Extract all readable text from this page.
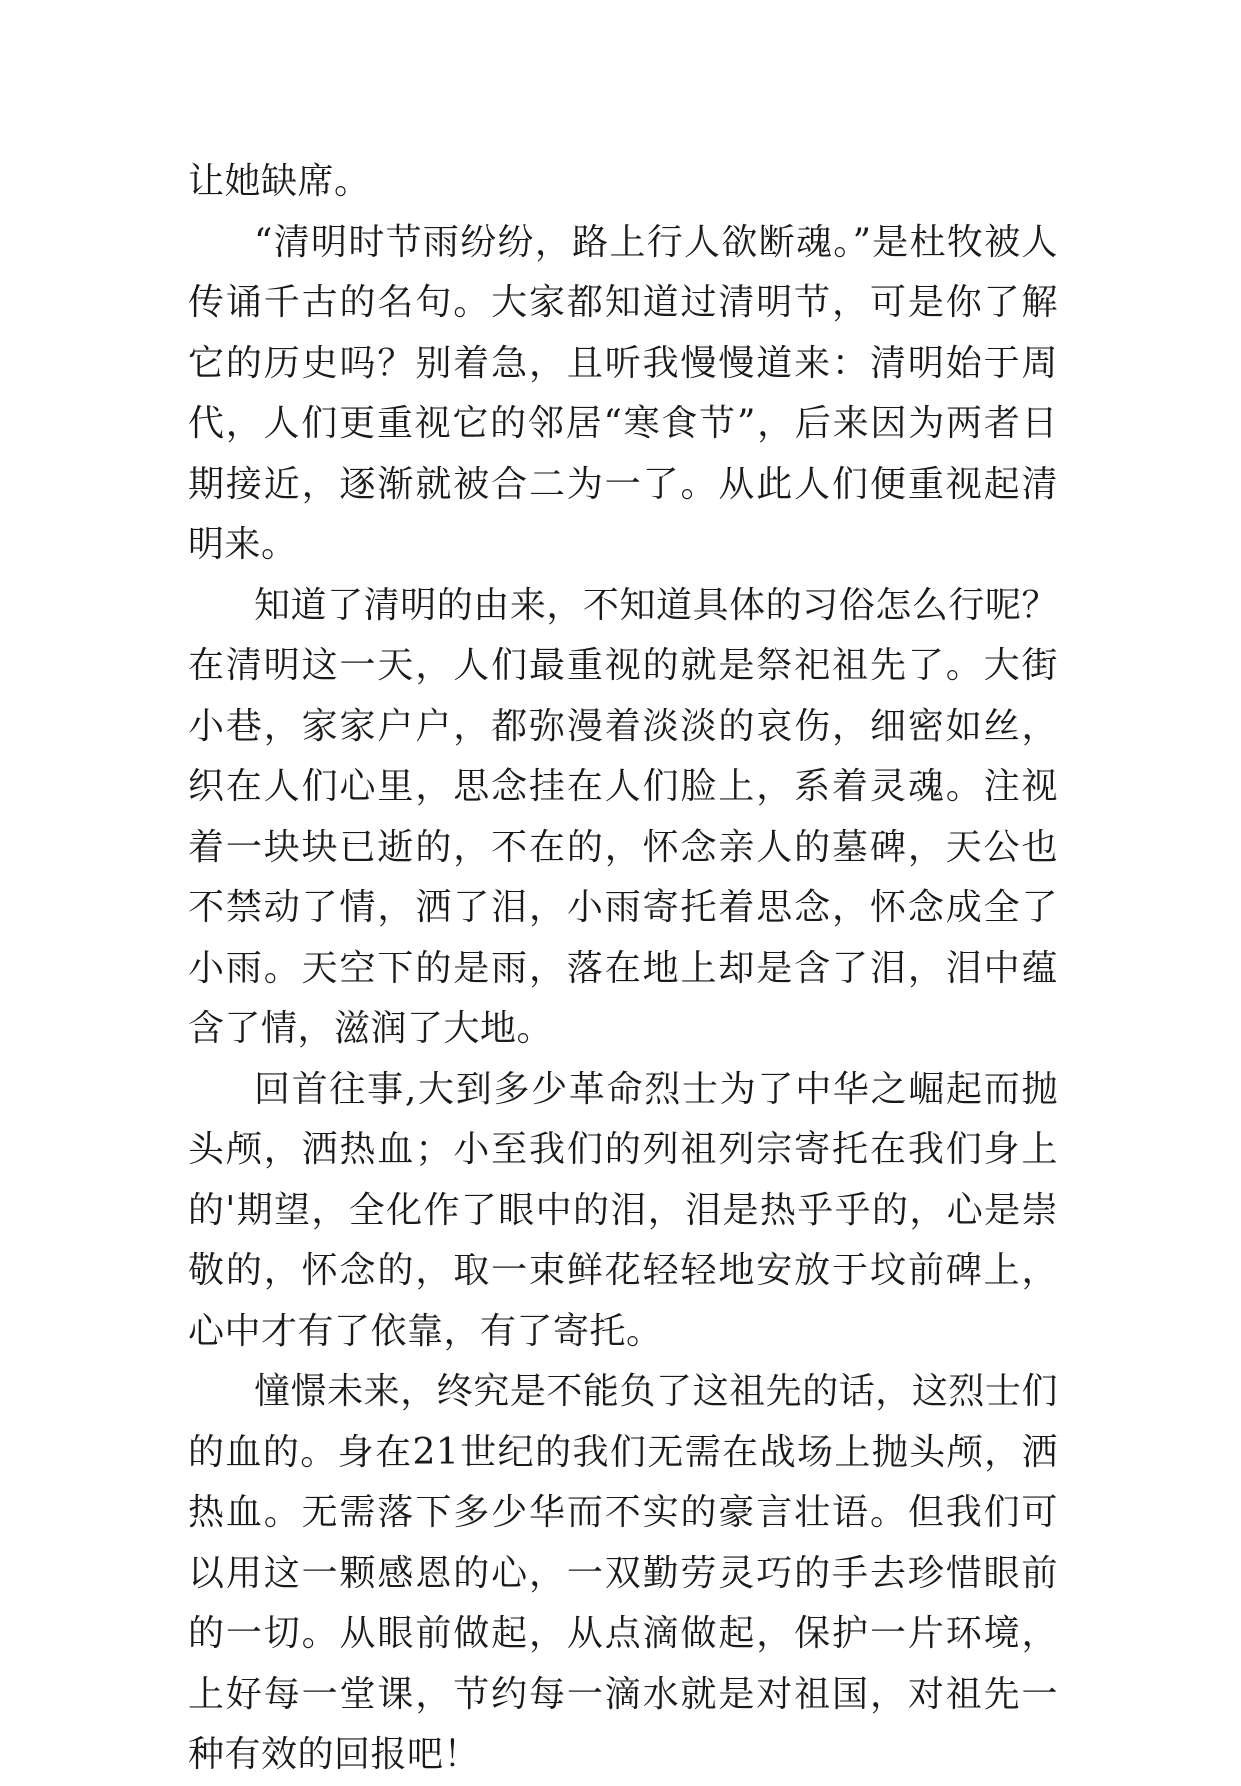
让她缺席。

“清明时节雨纷纷，路上行人欲断魂。”是杜牧被人传诵千古的名句。大家都知道过清明节，可是你了解它的历史吗？别着急，且听我慢慢道来：清明始于周代，人们更重视它的邻居“寒食节”，后来因为两者日期接近，逐渐就被合二为一了。从此人们便重视起清明来。

知道了清明的由来，不知道具体的习俗怎么行呢？在清明这一天，人们最重视的就是祭祀祖先了。大街小巷，家家户户，都弥漫着淡淡的哀伤，细密如丝，织在人们心里，思念挂在人们脸上，系着灵魂。注视着一块块已逝的，不在的，怀念亲人的墓碑，天公也不禁动了情，洒了泪，小雨寄托着思念，怀念成全了小雨。天空下的是雨，落在地上却是含了泪，泪中蕴含了情，滋润了大地。

回首往事,大到多少革命烈士为了中华之崛起而抛头颅，洒热血；小至我们的列祖列宗寄托在我们身上的'期望，全化作了眼中的泪，泪是热乎乎的，心是崇敬的，怀念的，取一束鲜花轻轻地安放于坟前碑上，心中才有了依靠，有了寄托。

憧憬未来，终究是不能负了这祖先的话，这烈士们的血的。身在21世纪的我们无需在战场上抛头颅，洒热血。无需落下多少华而不实的豪言壮语。但我们可以用这一颗感恩的心，一双勤劳灵巧的手去珍惜眼前的一切。从眼前做起，从点滴做起，保护一片环境，上好每一堂课，节约每一滴水就是对祖国，对祖先一种有效的回报吧！
